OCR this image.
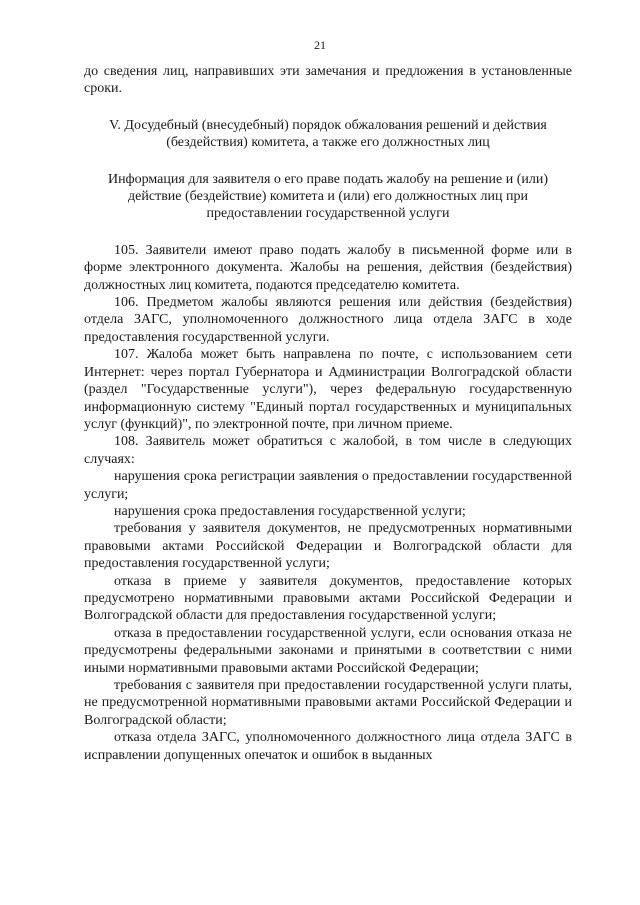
21

до сведения лиц, направивших эти замечания и предложения в установленные сроки.

V. Досудебный (внесудебный) порядок обжалования решений и действия (бездействия) комитета, а также его должностных лиц

Информация для заявителя о его праве подать жалобу на решение и (или) действие (бездействие) комитета и (или) его должностных лиц при предоставлении государственной услуги

105. Заявители имеют право подать жалобу в письменной форме или в форме электронного документа. Жалобы на решения, действия (бездействия) должностных лиц комитета, подаются председателю комитета.

106. Предметом жалобы являются решения или действия (бездействия) отдела ЗАГС, уполномоченного должностного лица отдела ЗАГС в ходе предоставления государственной услуги.

107. Жалоба может быть направлена по почте, с использованием сети Интернет: через портал Губернатора и Администрации Волгоградской области (раздел "Государственные услуги"), через федеральную государственную информационную систему "Единый портал государственных и муниципальных услуг (функций)", по электронной почте, при личном приеме.

108. Заявитель может обратиться с жалобой, в том числе в следующих случаях:

нарушения срока регистрации заявления о предоставлении государственной услуги;

нарушения срока предоставления государственной услуги;

требования у заявителя документов, не предусмотренных нормативными правовыми актами Российской Федерации и Волгоградской области для предоставления государственной услуги;

отказа в приеме у заявителя документов, предоставление которых предусмотрено нормативными правовыми актами Российской Федерации и Волгоградской области для предоставления государственной услуги;

отказа в предоставлении государственной услуги, если основания отказа не предусмотрены федеральными законами и принятыми в соответствии с ними иными нормативными правовыми актами Российской Федерации;

требования с заявителя при предоставлении государственной услуги платы, не предусмотренной нормативными правовыми актами Российской Федерации и Волгоградской области;

отказа отдела ЗАГС, уполномоченного должностного лица отдела ЗАГС в исправлении допущенных опечаток и ошибок в выданных
